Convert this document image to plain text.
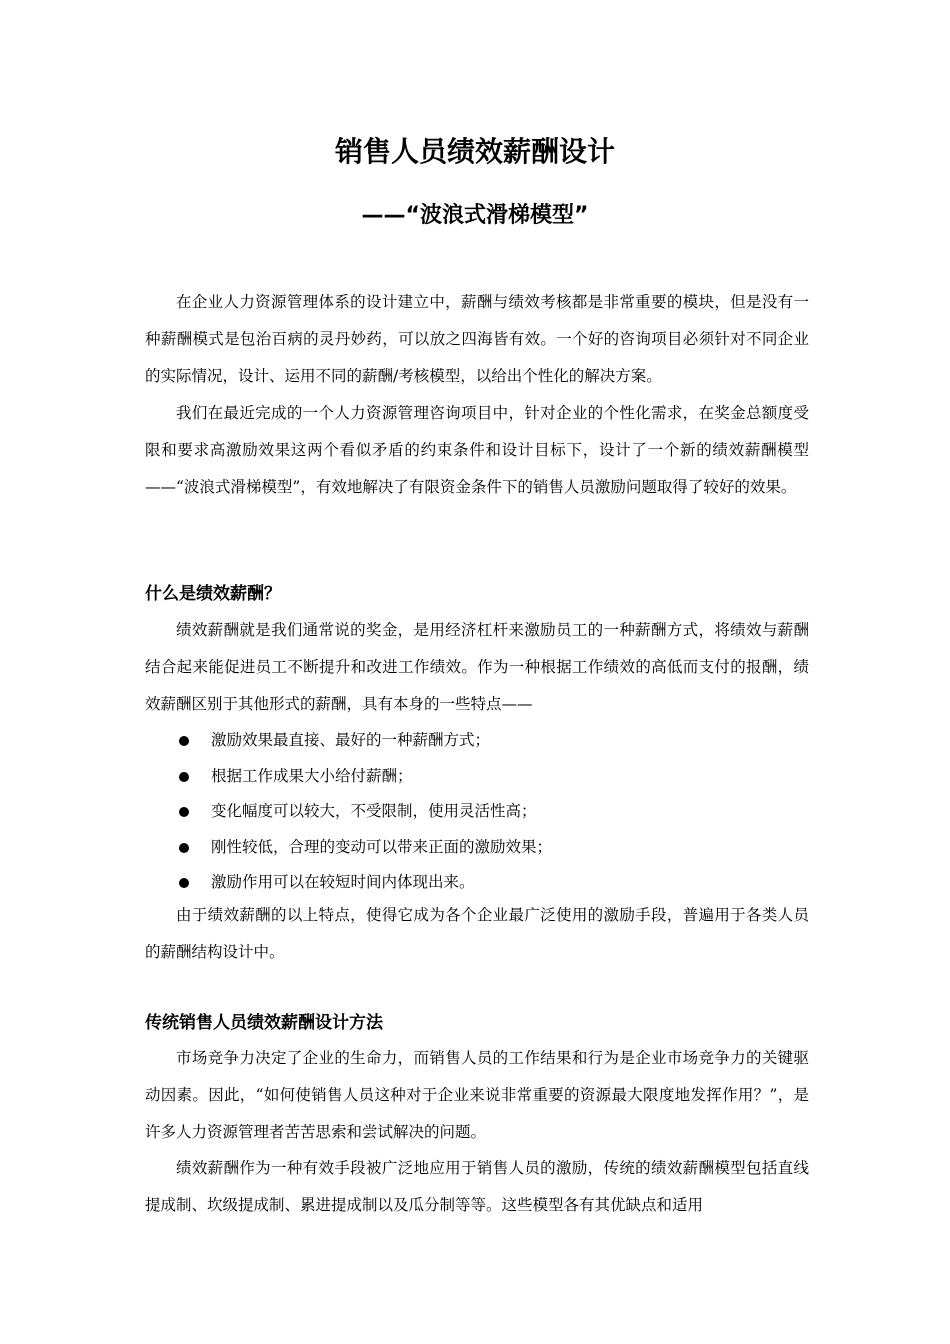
销售人员绩效薪酬设计
——“波浪式滑梯模型”

在企业人力资源管理体系的设计建立中，薪酬与绩效考核都是非常重要的模块，但是没有一种薪酬模式是包治百病的灵丹妙药，可以放之四海皆有效。一个好的咨询项目必须针对不同企业的实际情况，设计、运用不同的薪酬/考核模型，以给出个性化的解决方案。

我们在最近完成的一个人力资源管理咨询项目中，针对企业的个性化需求，在奖金总额度受限和要求高激励效果这两个看似矛盾的约束条件和设计目标下，设计了一个新的绩效薪酬模型——“波浪式滑梯模型”，有效地解决了有限资金条件下的销售人员激励问题取得了较好的效果。

什么是绩效薪酬？

绩效薪酬就是我们通常说的奖金，是用经济杠杆来激励员工的一种薪酬方式，将绩效与薪酬结合起来能促进员工不断提升和改进工作绩效。作为一种根据工作绩效的高低而支付的报酬，绩效薪酬区别于其他形式的薪酬，具有本身的一些特点——

激励效果最直接、最好的一种薪酬方式；
根据工作成果大小给付薪酬；
变化幅度可以较大，不受限制，使用灵活性高；
刚性较低，合理的变动可以带来正面的激励效果；
激励作用可以在较短时间内体现出来。

由于绩效薪酬的以上特点，使得它成为各个企业最广泛使用的激励手段，普遍用于各类人员的薪酬结构设计中。

传统销售人员绩效薪酬设计方法

市场竞争力决定了企业的生命力，而销售人员的工作结果和行为是企业市场竞争力的关键驱动因素。因此，“如何使销售人员这种对于企业来说非常重要的资源最大限度地发挥作用？”，是许多人力资源管理者苦苦思索和尝试解决的问题。

绩效薪酬作为一种有效手段被广泛地应用于销售人员的激励，传统的绩效薪酬模型包括直线提成制、坎级提成制、累进提成制以及瓜分制等等。这些模型各有其优缺点和适用
